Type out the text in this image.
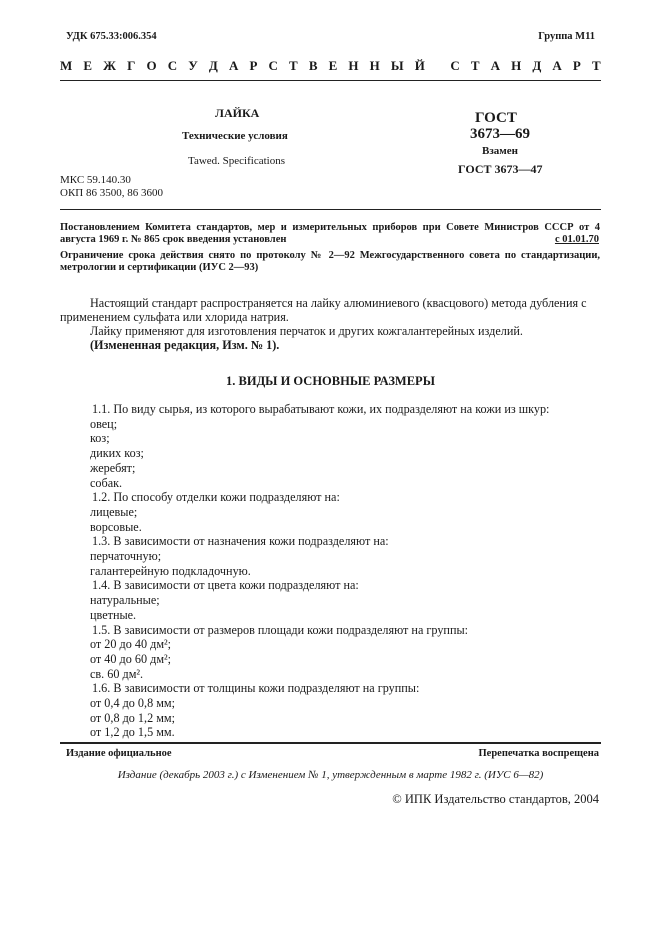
УДК 675.33:006.354	Группа М11
М Е Ж Г О С У Д А Р С Т В Е Н Н Ы Й
С Т А Н Д А Р Т
ЛАЙКА
Технические условия
Tawed. Specifications
ГОСТ
3673—69
Взамен
ГОСТ 3673—47
МКС 59.140.30
ОКП 86 3500, 86 3600
Постановлением Комитета стандартов, мер и измерительных приборов при Совете Министров СССР от 4 августа 1969 г. № 865 срок введения установлен	с 01.01.70
Ограничение срока действия снято по протоколу № 2—92 Межгосударственного совета по стандартизации, метрологии и сертификации (ИУС 2—93)

Настоящий стандарт распространяется на лайку алюминиевого (квасцового) метода дубления с применением сульфата или хлорида натрия.

Лайку применяют для изготовления перчаток и других кожгалантерейных изделий.

(Измененная редакция, Изм. № 1).

1. ВИДЫ И ОСНОВНЫЕ РАЗМЕРЫ
1.1. По виду сырья, из которого вырабатывают кожи, их подразделяют на кожи из шкур:
овец;
коз;
диких коз;
жеребят;
собак.
1.2. По способу отделки кожи подразделяют на:
лицевые;
ворсовые.
1.3. В зависимости от назначения кожи подразделяют на:
перчаточную;
галантерейную подкладочную.
1.4. В зависимости от цвета кожи подразделяют на:
натуральные;
цветные.
1.5. В зависимости от размеров площади кожи подразделяют на группы:
от 20 до 40 дм²;
от 40 до 60 дм²;
св. 60 дм².
1.6. В зависимости от толщины кожи подразделяют на группы:
от 0,4 до 0,8 мм;
от 0,8 до 1,2 мм;
от 1,2 до 1,5 мм.
Издание официальное	Перепечатка воспрещена
Издание (декабрь 2003 г.) с Изменением № 1, утвержденным в марте 1982 г. (ИУС 6—82)
© ИПК Издательство стандартов, 2004
